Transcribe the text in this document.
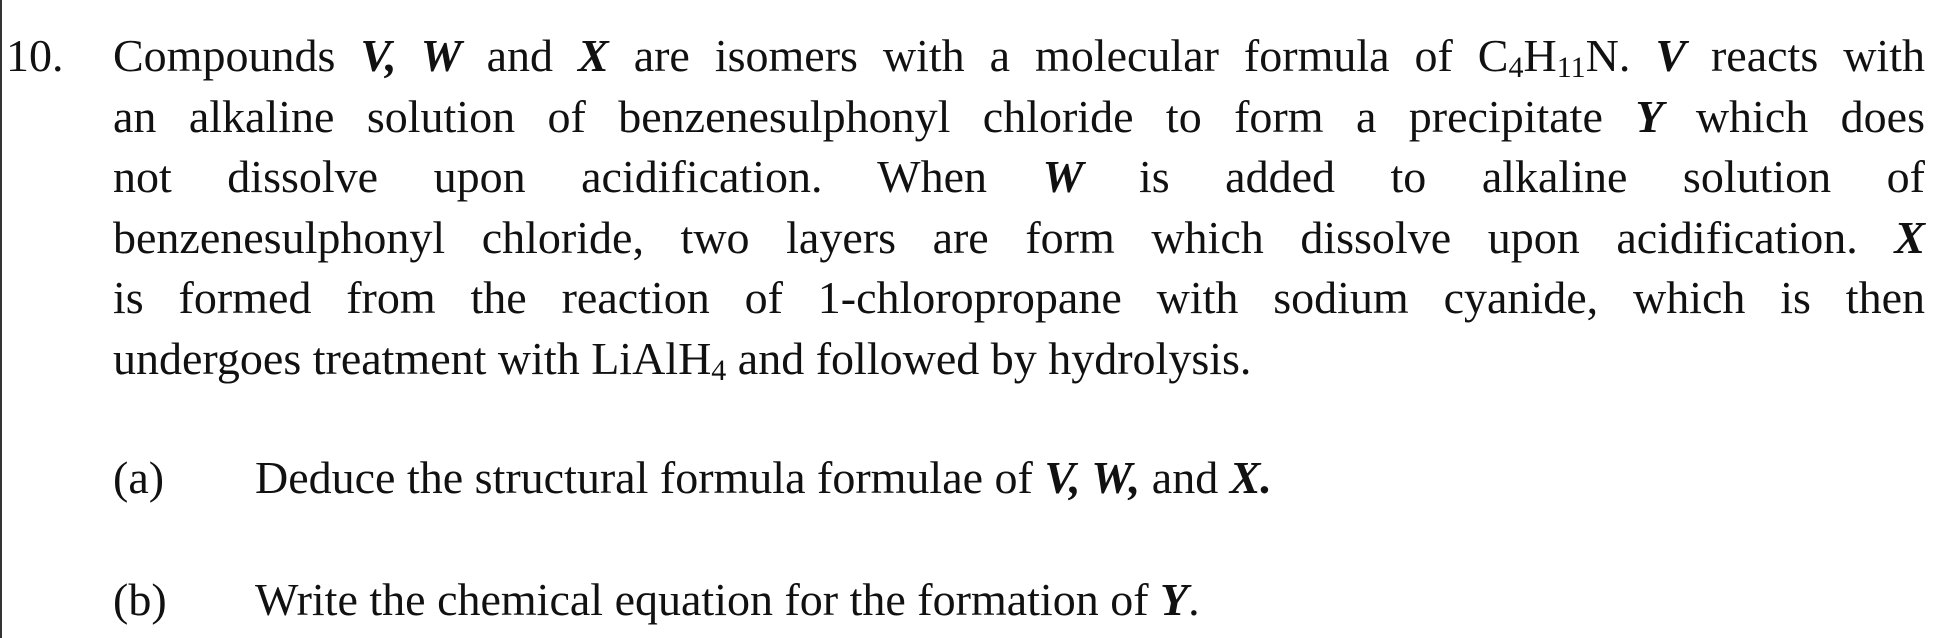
10. Compounds V, W and X are isomers with a molecular formula of $C_4H_{11}N$. V reacts with
an alkaline solution of benzenesulphonyl chloride to form a precipitate Y which does
not dissolve upon acidification. When W is added to alkaline solution of
benzenesulphonyl chloride, two layers are form which dissolve upon acidification. X
is formed from the reaction of 1-chloropropane with sodium cyanide, which is then
undergoes treatment with LiAlH$_4$ and followed by hydrolysis.
(a) Deduce the structural formula formulae of V, W, and X.
(b) Write the chemical equation for the formation of Y.
